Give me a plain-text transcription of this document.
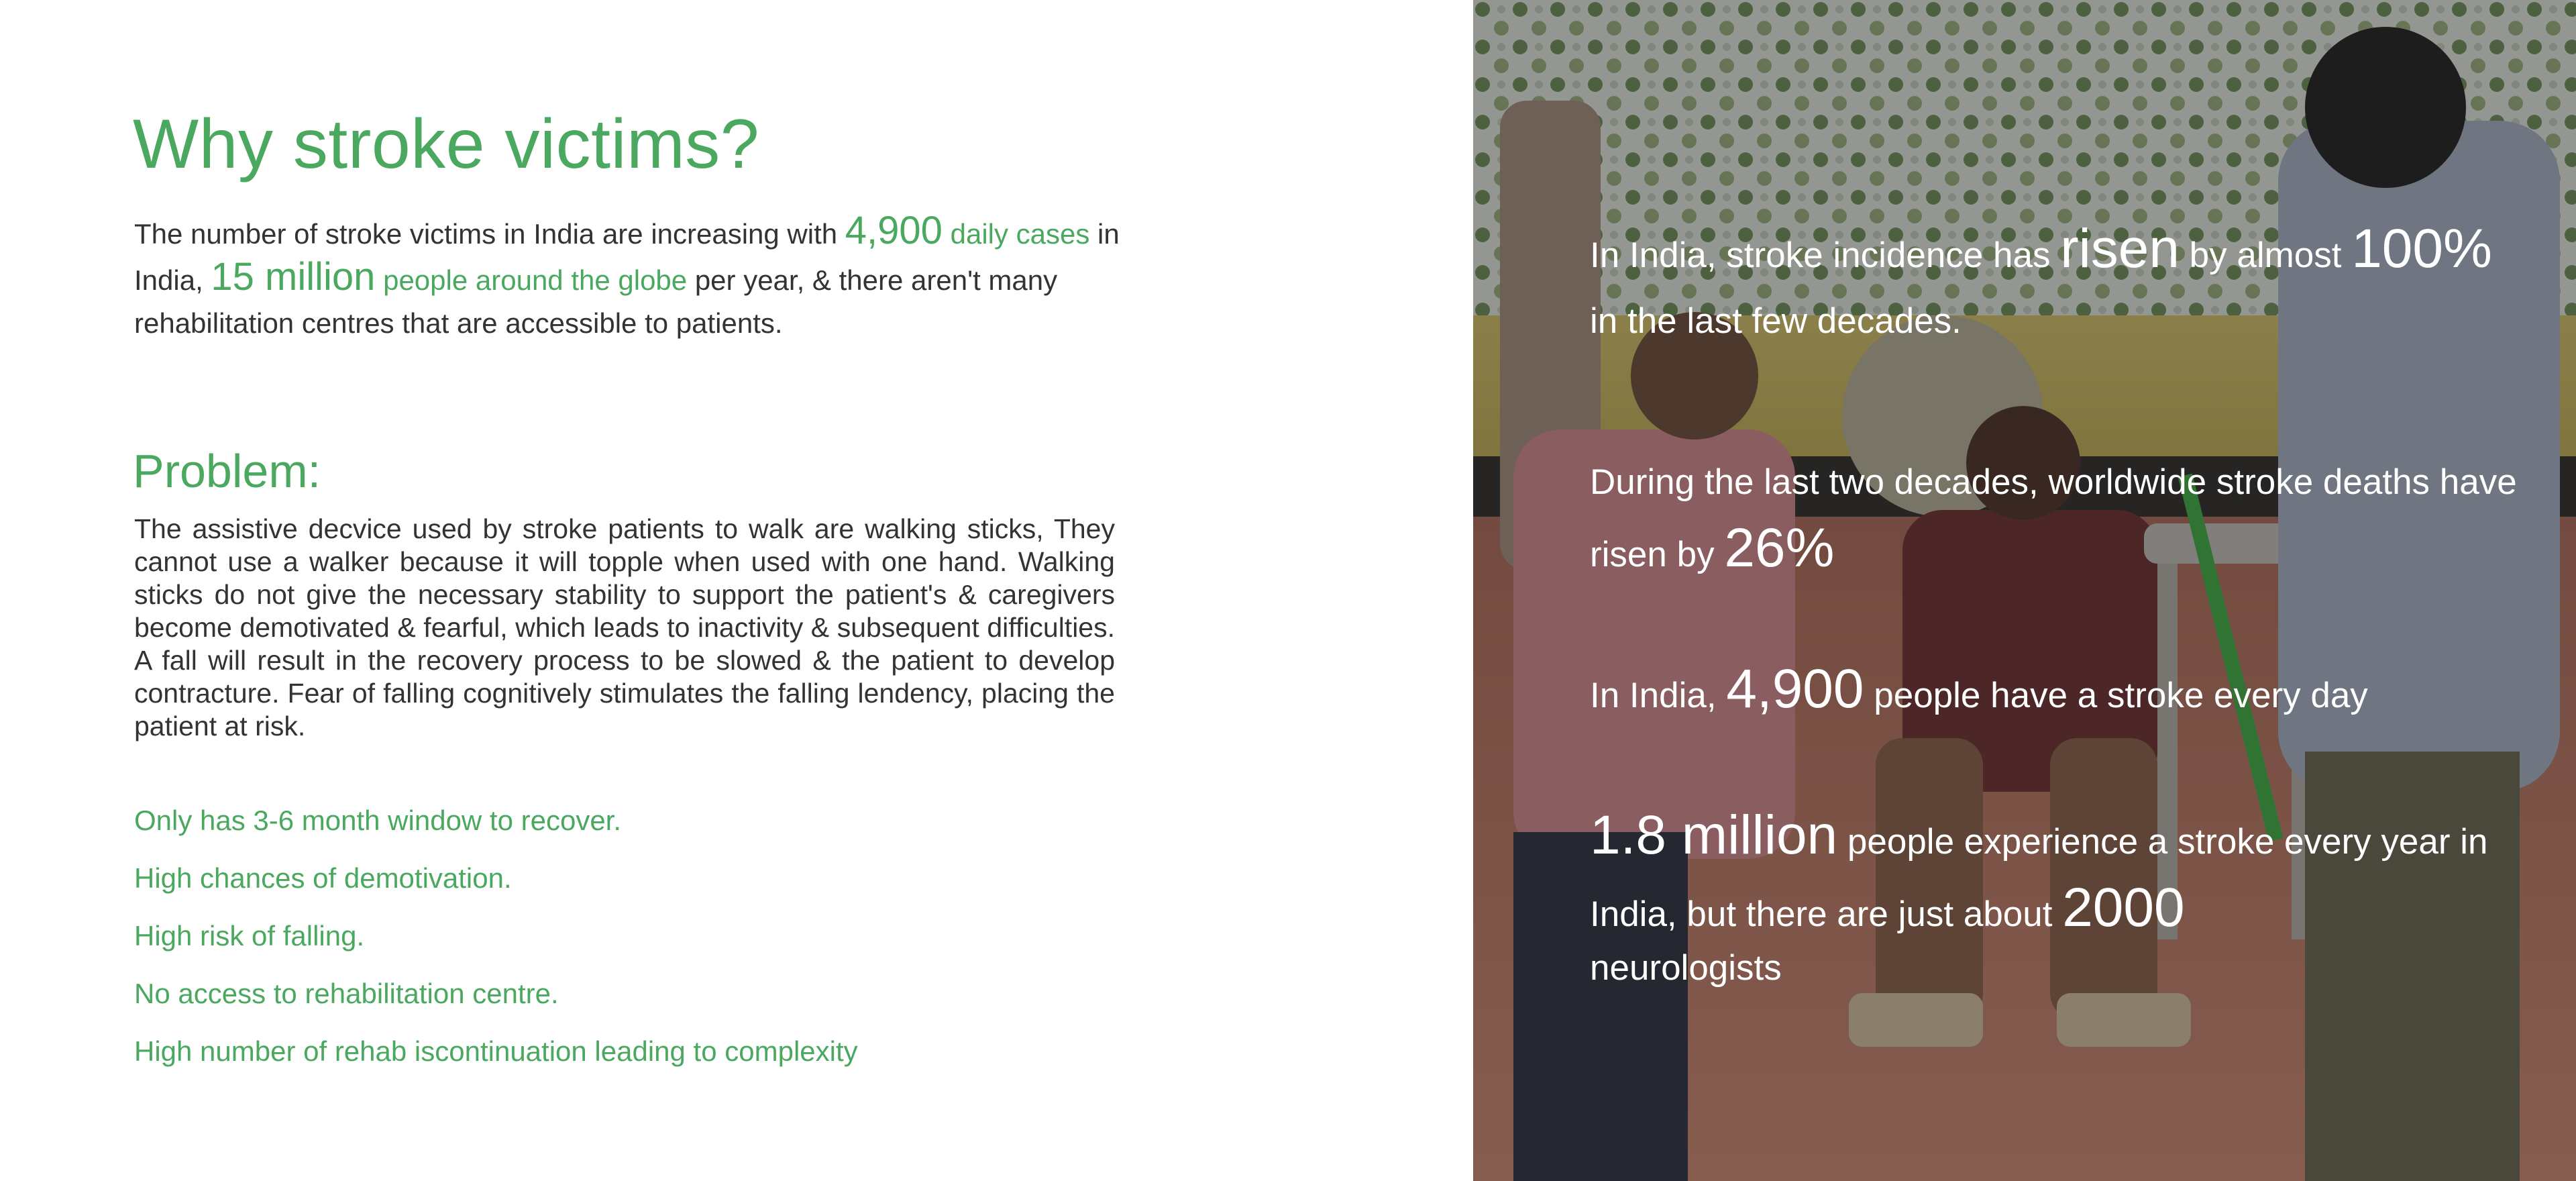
Why stroke victims?

The number of stroke victims in India are increasing with 4,900 daily cases in India, 15 million people around the globe per year, & there aren't many rehabilitation centres that are accessible to patients.

Problem:

The assistive decvice used by stroke patients to walk are walking sticks, They cannot use a walker because it will topple when used with one hand. Walking sticks do not give the necessary stability to support the patient's & caregivers become demotivated & fearful, which leads to inactivity & subsequent difficulties. A fall will result in the recovery process to be slowed & the patient to develop contracture. Fear of falling cognitively stimulates the falling lendency, placing the patient at risk.

Only has 3-6 month window to recover.
High chances of demotivation.
High risk of falling.
No access to rehabilitation centre.
High number of rehab iscontinuation leading to complexity

In India, stroke incidence has risen by almost 100% in the last few decades.

During the last two decades, worldwide stroke deaths have risen by 26%

In India, 4,900 people have a stroke every day

1.8 million people experience a stroke every year in India, but there are just about 2000
neurologists
